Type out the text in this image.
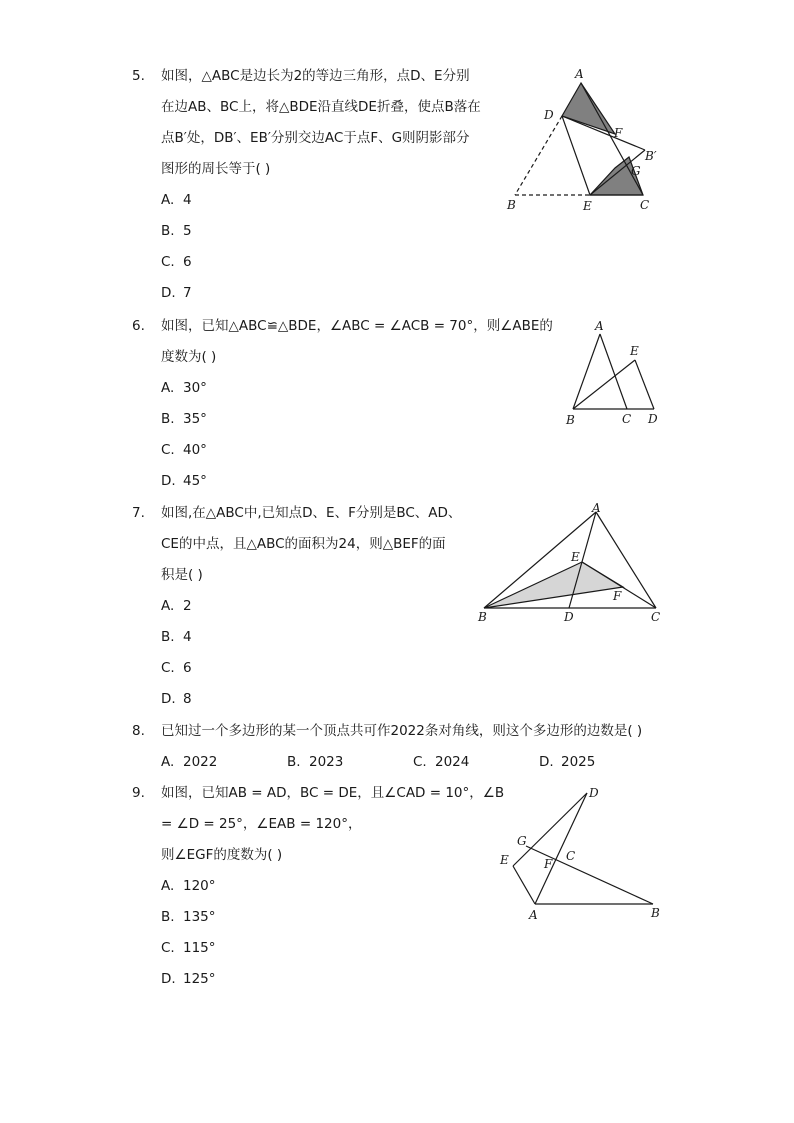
5.	如图，△ABC是边长为2的等边三角形，点D、E分别
在边AB、BC上，将△BDE沿直线DE折叠，使点B落在
点B′处，DB′、EB′分别交边AC于点F、G则阴影部分
图形的周长等于( )
A. 4
B. 5
C. 6
D. 7
A
D
F
B′
G
B	E	C
6.	如图，已知△ABC≌△BDE，∠ABC = ∠ACB = 70°，则∠ABE的
度数为( )
A. 30°
B. 35°
C. 40°
D. 45°
A
E
B	C D
7.	如图,在△ABC中,已知点D、E、F分别是BC、AD、
CE的中点，且△ABC的面积为24，则△BEF的面
积是( )
A. 2
B. 4
C. 6
D. 8
A
E
F
B	D	C
8.	已知过一个多边形的某一个顶点共可作2022条对角线，则这个多边形的边数是( )
A. 2022	B. 2023	C. 2024	D. 2025
9.	如图，已知AB = AD，BC = DE，且∠CAD = 10°，∠B
= ∠D = 25°，∠EAB = 120°，
则∠EGF的度数为( )
A. 120°
B. 135°
C. 115°
D. 125°
D
G
C
E	F
A	B
